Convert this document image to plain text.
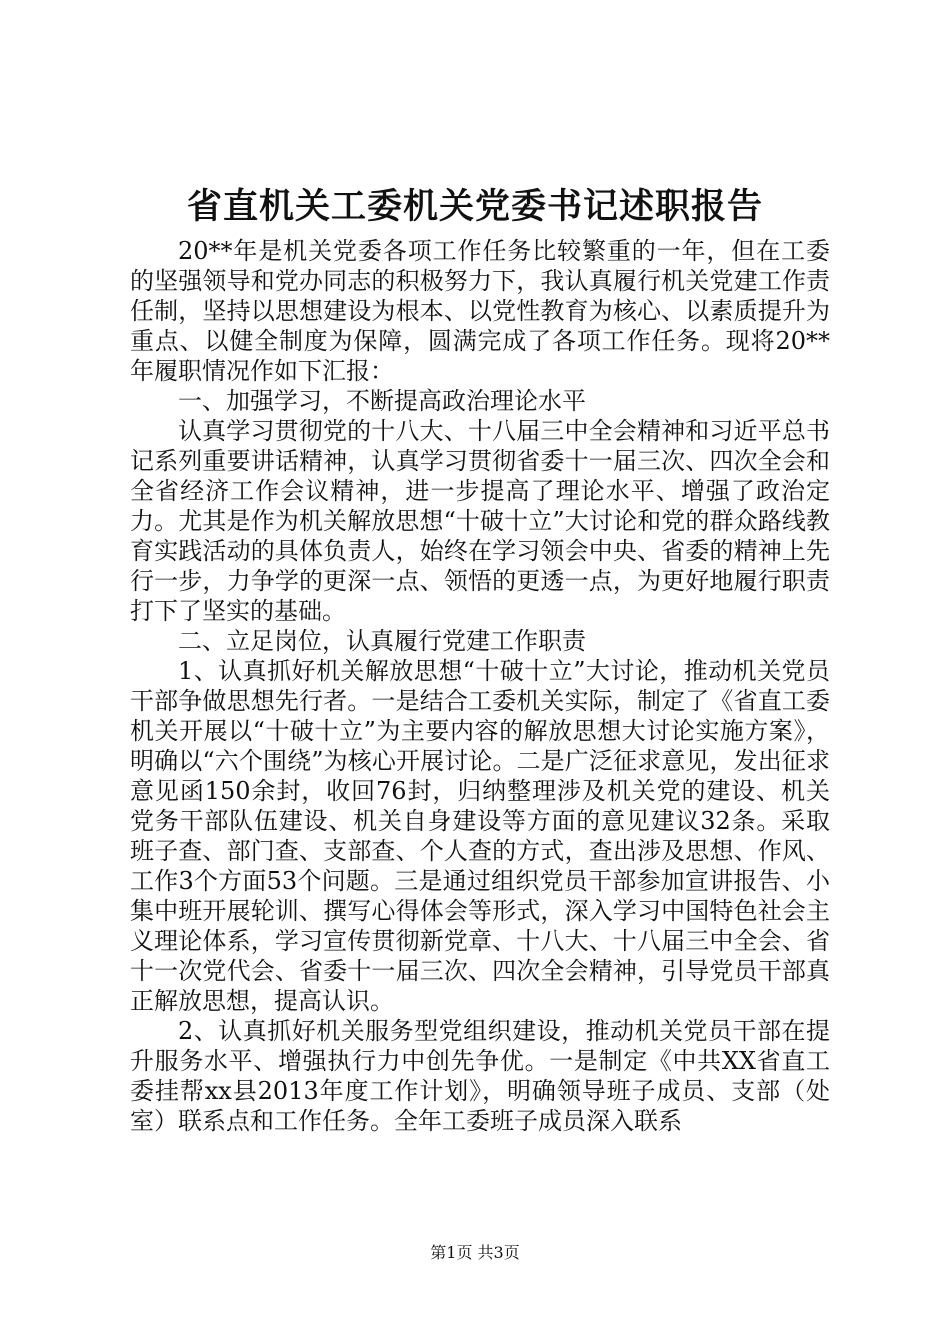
省直机关工委机关党委书记述职报告

20**年是机关党委各项工作任务比较繁重的一年，但在工委的坚强领导和党办同志的积极努力下，我认真履行机关党建工作责任制，坚持以思想建设为根本、以党性教育为核心、以素质提升为重点、以健全制度为保障，圆满完成了各项工作任务。现将20**年履职情况作如下汇报：

一、加强学习，不断提高政治理论水平

认真学习贯彻党的十八大、十八届三中全会精神和习近平总书记系列重要讲话精神，认真学习贯彻省委十一届三次、四次全会和全省经济工作会议精神，进一步提高了理论水平、增强了政治定力。尤其是作为机关解放思想“十破十立”大讨论和党的群众路线教育实践活动的具体负责人，始终在学习领会中央、省委的精神上先行一步，力争学的更深一点、领悟的更透一点，为更好地履行职责打下了坚实的基础。

二、立足岗位，认真履行党建工作职责

1、认真抓好机关解放思想“十破十立”大讨论，推动机关党员干部争做思想先行者。一是结合工委机关实际，制定了《省直工委机关开展以“十破十立”为主要内容的解放思想大讨论实施方案》，明确以“六个围绕”为核心开展讨论。二是广泛征求意见，发出征求意见函150余封，收回76封，归纳整理涉及机关党的建设、机关党务干部队伍建设、机关自身建设等方面的意见建议32条。采取班子查、部门查、支部查、个人查的方式，查出涉及思想、作风、工作3个方面53个问题。三是通过组织党员干部参加宣讲报告、小集中班开展轮训、撰写心得体会等形式，深入学习中国特色社会主义理论体系，学习宣传贯彻新党章、十八大、十八届三中全会、省十一次党代会、省委十一届三次、四次全会精神，引导党员干部真正解放思想，提高认识。

2、认真抓好机关服务型党组织建设，推动机关党员干部在提升服务水平、增强执行力中创先争优。一是制定《中共XX省直工委挂帮xx县2013年度工作计划》，明确领导班子成员、支部（处室）联系点和工作任务。全年工委班子成员深入联系

第1页 共3页
